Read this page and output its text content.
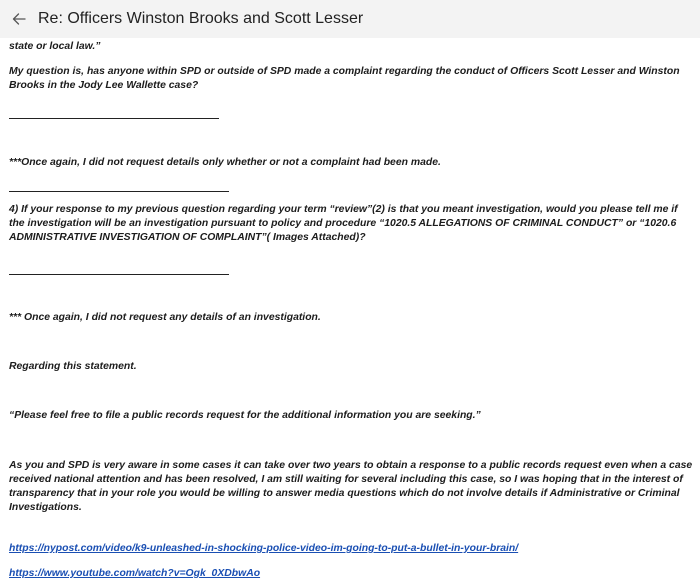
Re: Officers Winston Brooks and Scott Lesser

state or local law.”

My question is, has anyone within SPD or outside of SPD made a complaint regarding the conduct of Officers Scott Lesser and Winston Brooks in the Jody Lee Wallette case?

***Once again, I did not request details only whether or not a complaint had been made.

4) If your response to my previous question regarding your term “review”(2) is that you meant investigation, would you please tell me if the investigation will be an investigation pursuant to policy and procedure “1020.5 ALLEGATIONS OF CRIMINAL CONDUCT” or “1020.6 ADMINISTRATIVE INVESTIGATION OF COMPLAINT”( Images Attached)?

*** Once again, I did not request any details of an investigation.

Regarding this statement.

“Please feel free to file a public records request for the additional information you are seeking.”

As you and SPD is very aware in some cases it can take over two years to obtain a response to a public records request even when a case received national attention and has been resolved, I am still waiting for several including this case, so I was hoping that in the interest of transparency that in your role you would be willing to answer media questions which do not involve details if Administrative or Criminal Investigations.

https://nypost.com/video/k9-unleashed-in-shocking-police-video-im-going-to-put-a-bullet-in-your-brain/
https://www.youtube.com/watch?v=Ogk_0XDbwAo
